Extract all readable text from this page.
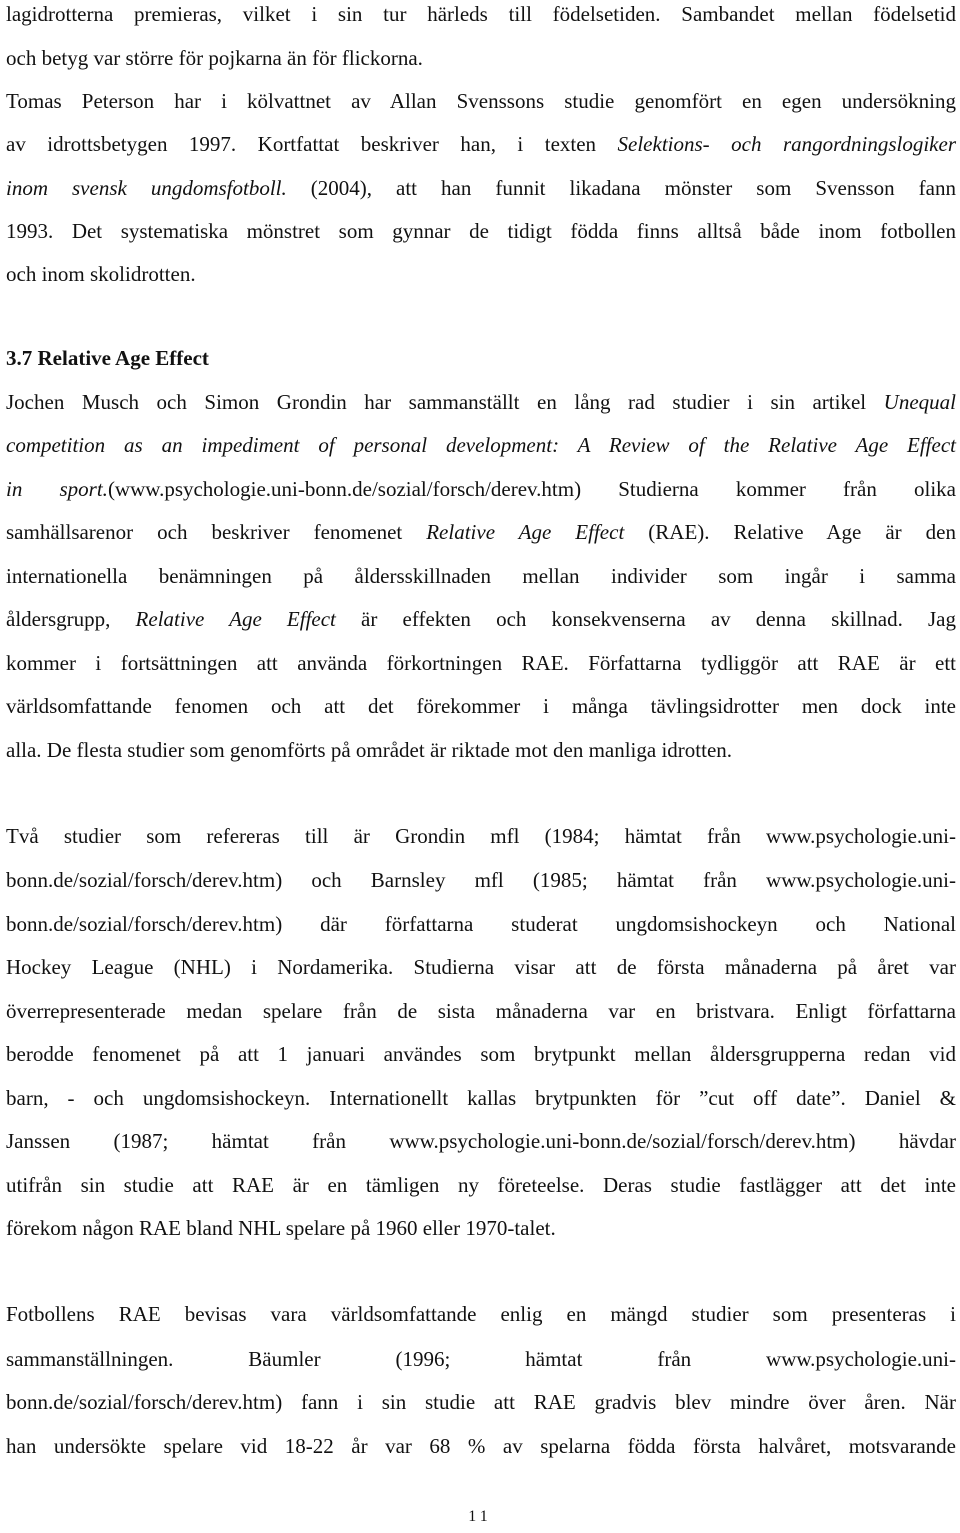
lagidrotterna premieras, vilket i sin tur härleds till födelsetiden. Sambandet mellan födelsetid
och betyg var större för pojkarna än för flickorna.
Tomas Peterson har i kölvattnet av Allan Svenssons studie genomfört en egen undersökning
av idrottsbetygen 1997. Kortfattat beskriver han, i texten Selektions- och rangordningslogiker
inom svensk ungdomsfotboll. (2004), att han funnit likadana mönster som Svensson fann
1993. Det systematiska mönstret som gynnar de tidigt födda finns alltså både inom fotbollen
och inom skolidrotten.
3.7 Relative Age Effect
Jochen Musch och Simon Grondin har sammanställt en lång rad studier i sin artikel Unequal
competition as an impediment of personal development: A Review of the Relative Age Effect
in sport.(www.psychologie.uni-bonn.de/sozial/forsch/derev.htm) Studierna kommer från olika
samhällsarenor och beskriver fenomenet Relative Age Effect (RAE). Relative Age är den
internationella benämningen på åldersskillnaden mellan individer som ingår i samma
åldersgrupp, Relative Age Effect är effekten och konsekvenserna av denna skillnad. Jag
kommer i fortsättningen att använda förkortningen RAE. Författarna tydliggör att RAE är ett
världsomfattande fenomen och att det förekommer i många tävlingsidrotter men dock inte
alla. De flesta studier som genomförts på området är riktade mot den manliga idrotten.
Två studier som refereras till är Grondin mfl (1984; hämtat från www.psychologie.uni-
bonn.de/sozial/forsch/derev.htm) och Barnsley mfl (1985; hämtat från www.psychologie.uni-
bonn.de/sozial/forsch/derev.htm) där författarna studerat ungdomsishockeyn och National
Hockey League (NHL) i Nordamerika. Studierna visar att de första månaderna på året var
överrepresenterade medan spelare från de sista månaderna var en bristvara. Enligt författarna
berodde fenomenet på att 1 januari användes som brytpunkt mellan åldersgrupperna redan vid
barn, - och ungdomsishockeyn. Internationellt kallas brytpunkten för ”cut off date”. Daniel &
Janssen (1987; hämtat från www.psychologie.uni-bonn.de/sozial/forsch/derev.htm) hävdar
utifrån sin studie att RAE är en tämligen ny företeelse. Deras studie fastlägger att det inte
förekom någon RAE bland NHL spelare på 1960 eller 1970-talet.
Fotbollens RAE bevisas vara världsomfattande enlig en mängd studier som presenteras i
sammanställningen. Bäumler (1996; hämtat från www.psychologie.uni-
bonn.de/sozial/forsch/derev.htm) fann i sin studie att RAE gradvis blev mindre över åren. När
han undersökte spelare vid 18-22 år var 68 % av spelarna födda första halvåret, motsvarande
11
